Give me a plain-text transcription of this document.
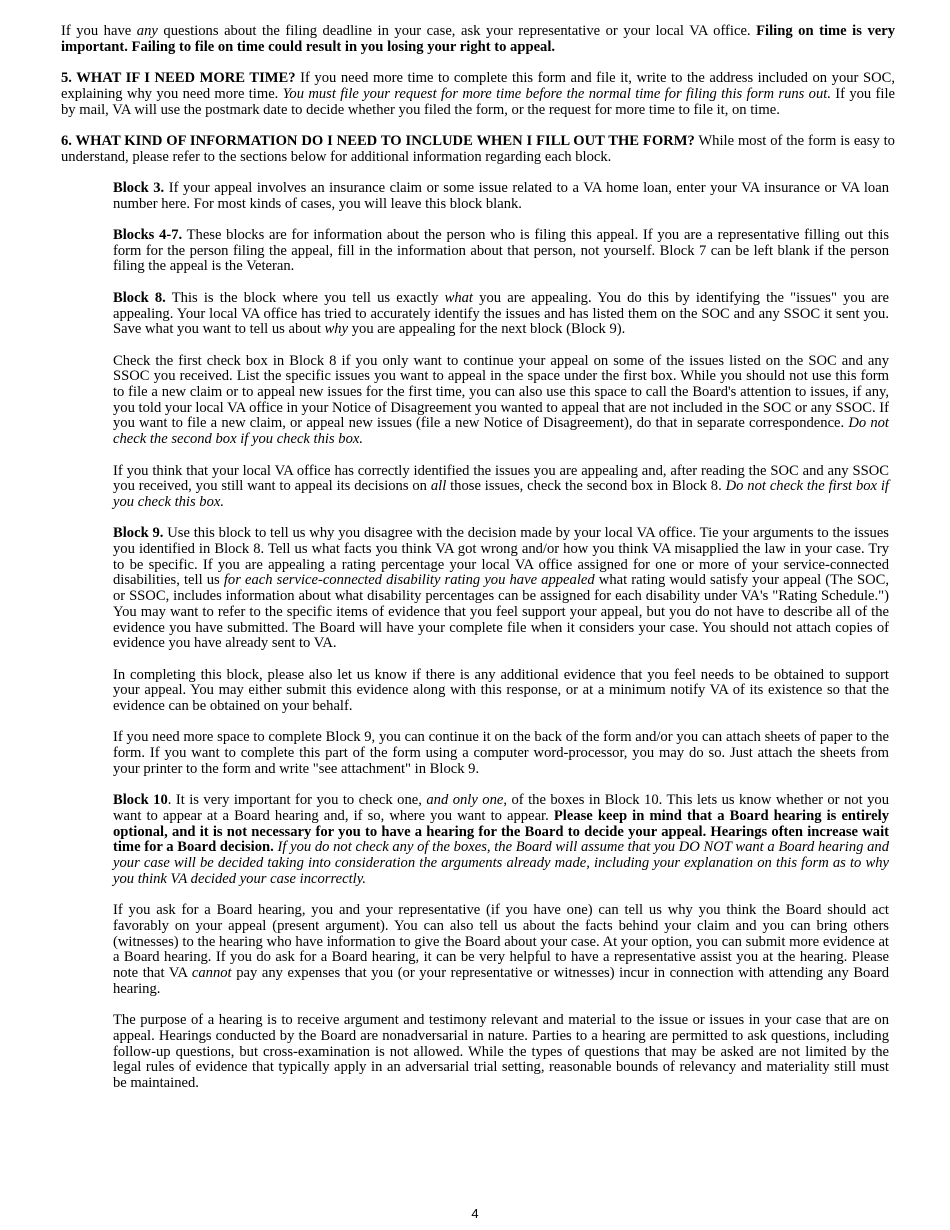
If you have any questions about the filing deadline in your case, ask your representative or your local VA office. Filing on time is very important. Failing to file on time could result in you losing your right to appeal.

5. WHAT IF I NEED MORE TIME? If you need more time to complete this form and file it, write to the address included on your SOC, explaining why you need more time. You must file your request for more time before the normal time for filing this form runs out. If you file by mail, VA will use the postmark date to decide whether you filed the form, or the request for more time to file it, on time.

6. WHAT KIND OF INFORMATION DO I NEED TO INCLUDE WHEN I FILL OUT THE FORM? While most of the form is easy to understand, please refer to the sections below for additional information regarding each block.

Block 3. If your appeal involves an insurance claim or some issue related to a VA home loan, enter your VA insurance or VA loan number here. For most kinds of cases, you will leave this block blank.

Blocks 4-7. These blocks are for information about the person who is filing this appeal. If you are a representative filling out this form for the person filing the appeal, fill in the information about that person, not yourself. Block 7 can be left blank if the person filing the appeal is the Veteran.

Block 8. This is the block where you tell us exactly what you are appealing. You do this by identifying the "issues" you are appealing. Your local VA office has tried to accurately identify the issues and has listed them on the SOC and any SSOC it sent you. Save what you want to tell us about why you are appealing for the next block (Block 9).

Check the first check box in Block 8 if you only want to continue your appeal on some of the issues listed on the SOC and any SSOC you received. List the specific issues you want to appeal in the space under the first box. While you should not use this form to file a new claim or to appeal new issues for the first time, you can also use this space to call the Board's attention to issues, if any, you told your local VA office in your Notice of Disagreement you wanted to appeal that are not included in the SOC or any SSOC. If you want to file a new claim, or appeal new issues (file a new Notice of Disagreement), do that in separate correspondence. Do not check the second box if you check this box.

If you think that your local VA office has correctly identified the issues you are appealing and, after reading the SOC and any SSOC you received, you still want to appeal its decisions on all those issues, check the second box in Block 8. Do not check the first box if you check this box.

Block 9. Use this block to tell us why you disagree with the decision made by your local VA office. Tie your arguments to the issues you identified in Block 8. Tell us what facts you think VA got wrong and/or how you think VA misapplied the law in your case. Try to be specific. If you are appealing a rating percentage your local VA office assigned for one or more of your service-connected disabilities, tell us for each service-connected disability rating you have appealed what rating would satisfy your appeal (The SOC, or SSOC, includes information about what disability percentages can be assigned for each disability under VA's "Rating Schedule.") You may want to refer to the specific items of evidence that you feel support your appeal, but you do not have to describe all of the evidence you have submitted. The Board will have your complete file when it considers your case. You should not attach copies of evidence you have already sent to VA.

In completing this block, please also let us know if there is any additional evidence that you feel needs to be obtained to support your appeal. You may either submit this evidence along with this response, or at a minimum notify VA of its existence so that the evidence can be obtained on your behalf.

If you need more space to complete Block 9, you can continue it on the back of the form and/or you can attach sheets of paper to the form. If you want to complete this part of the form using a computer word-processor, you may do so. Just attach the sheets from your printer to the form and write "see attachment" in Block 9.

Block 10. It is very important for you to check one, and only one, of the boxes in Block 10. This lets us know whether or not you want to appear at a Board hearing and, if so, where you want to appear. Please keep in mind that a Board hearing is entirely optional, and it is not necessary for you to have a hearing for the Board to decide your appeal. Hearings often increase wait time for a Board decision. If you do not check any of the boxes, the Board will assume that you DO NOT want a Board hearing and your case will be decided taking into consideration the arguments already made, including your explanation on this form as to why you think VA decided your case incorrectly.

If you ask for a Board hearing, you and your representative (if you have one) can tell us why you think the Board should act favorably on your appeal (present argument). You can also tell us about the facts behind your claim and you can bring others (witnesses) to the hearing who have information to give the Board about your case. At your option, you can submit more evidence at a Board hearing. If you do ask for a Board hearing, it can be very helpful to have a representative assist you at the hearing. Please note that VA cannot pay any expenses that you (or your representative or witnesses) incur in connection with attending any Board hearing.

The purpose of a hearing is to receive argument and testimony relevant and material to the issue or issues in your case that are on appeal. Hearings conducted by the Board are nonadversarial in nature. Parties to a hearing are permitted to ask questions, including follow-up questions, but cross-examination is not allowed. While the types of questions that may be asked are not limited by the legal rules of evidence that typically apply in an adversarial trial setting, reasonable bounds of relevancy and materiality still must be maintained.

4
